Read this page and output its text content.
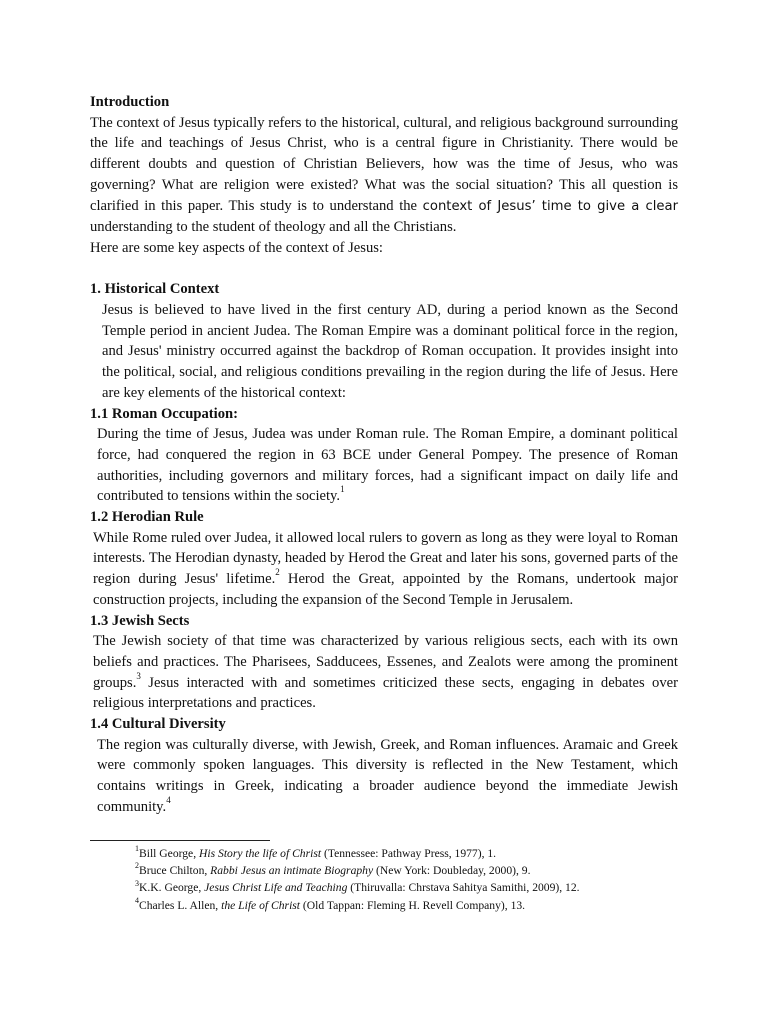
Introduction

The context of Jesus typically refers to the historical, cultural, and religious background surrounding the life and teachings of Jesus Christ, who is a central figure in Christianity. There would be different doubts and question of Christian Believers, how was the time of Jesus, who was governing? What are religion were existed? What was the social situation? This all question is clarified in this paper. This study is to understand the context of Jesus’ time to give a clear understanding to the student of theology and all the Christians.

Here are some key aspects of the context of Jesus:

1. Historical Context

Jesus is believed to have lived in the first century AD, during a period known as the Second Temple period in ancient Judea. The Roman Empire was a dominant political force in the region, and Jesus' ministry occurred against the backdrop of Roman occupation. It provides insight into the political, social, and religious conditions prevailing in the region during the life of Jesus. Here are key elements of the historical context:

1.1 Roman Occupation:

During the time of Jesus, Judea was under Roman rule. The Roman Empire, a dominant political force, had conquered the region in 63 BCE under General Pompey. The presence of Roman authorities, including governors and military forces, had a significant impact on daily life and contributed to tensions within the society.$^1$

1.2 Herodian Rule

While Rome ruled over Judea, it allowed local rulers to govern as long as they were loyal to Roman interests. The Herodian dynasty, headed by Herod the Great and later his sons, governed parts of the region during Jesus' lifetime.$^2$ Herod the Great, appointed by the Romans, undertook major construction projects, including the expansion of the Second Temple in Jerusalem.

1.3 Jewish Sects

The Jewish society of that time was characterized by various religious sects, each with its own beliefs and practices. The Pharisees, Sadducees, Essenes, and Zealots were among the prominent groups.$^3$ Jesus interacted with and sometimes criticized these sects, engaging in debates over religious interpretations and practices.

1.4 Cultural Diversity

The region was culturally diverse, with Jewish, Greek, and Roman influences. Aramaic and Greek were commonly spoken languages. This diversity is reflected in the New Testament, which contains writings in Greek, indicating a broader audience beyond the immediate Jewish community.$^4$

$^1$Bill George, His Story the life of Christ (Tennessee: Pathway Press, 1977), 1.

$^2$Bruce Chilton, Rabbi Jesus an intimate Biography (New York: Doubleday, 2000), 9.

$^3$K.K. George, Jesus Christ Life and Teaching (Thiruvalla: Chrstava Sahitya Samithi, 2009), 12.

$^4$Charles L. Allen, the Life of Christ (Old Tappan: Fleming H. Revell Company), 13.
